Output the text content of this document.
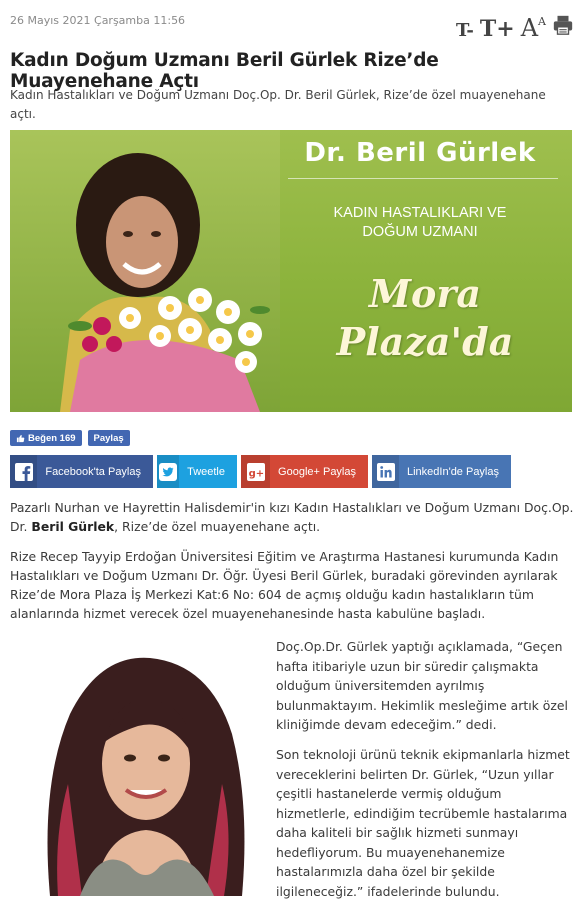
26 Mayıs 2021 Çarşamba 11:56	T- $T+ A^A$
Kadın Doğum Uzmanı Beril Gürlek Rize’de Muayenehane Açtı

Kadın Hastalıkları ve Doğum Uzmanı Doç.Op. Dr. Beril Gürlek, Rize’de özel muayenehane açtı.

Dr. Beril Gürlek
KADIN HASTALIKLARI VE
DOĞUM UZMANI
Mora
Plaza'da
Beğen 169 Paylaş
Facebook'ta Paylaş	Tweetle	g+	Google+ Paylaş	LinkedIn'de Paylaş

Pazarlı Nurhan ve Hayrettin Halisdemir'in kızı Kadın Hastalıkları ve Doğum Uzmanı Doç.Op. Dr. Beril Gürlek, Rize’de özel muayenehane açtı.

Rize Recep Tayyip Erdoğan Üniversitesi Eğitim ve Araştırma Hastanesi kurumunda Kadın Hastalıkları ve Doğum Uzmanı Dr. Öğr. Üyesi Beril Gürlek, buradaki görevinden ayrılarak Rize’de Mora Plaza İş Merkezi Kat:6 No: 604 de açmış olduğu kadın hastalıkların tüm alanlarında hizmet verecek özel muayenehanesinde hasta kabulüne başladı.

Doç.Op.Dr. Gürlek yaptığı açıklamada, “Geçen hafta itibariyle uzun bir süredir çalışmakta olduğum üniversitemden ayrılmış bulunmaktayım. Hekimlik mesleğime artık özel kliniğimde devam edeceğim.” dedi.

Son teknoloji ürünü teknik ekipmanlarla hizmet vereceklerini belirten Dr. Gürlek, “Uzun yıllar çeşitli hastanelerde vermiş olduğum hizmetlerle, edindiğim tecrübemle hastalarıma daha kaliteli bir sağlık hizmeti sunmayı hedefliyorum. Bu muayenehanemize hastalarımızla daha özel bir şekilde ilgileneceğiz.” ifadelerinde bulundu.
